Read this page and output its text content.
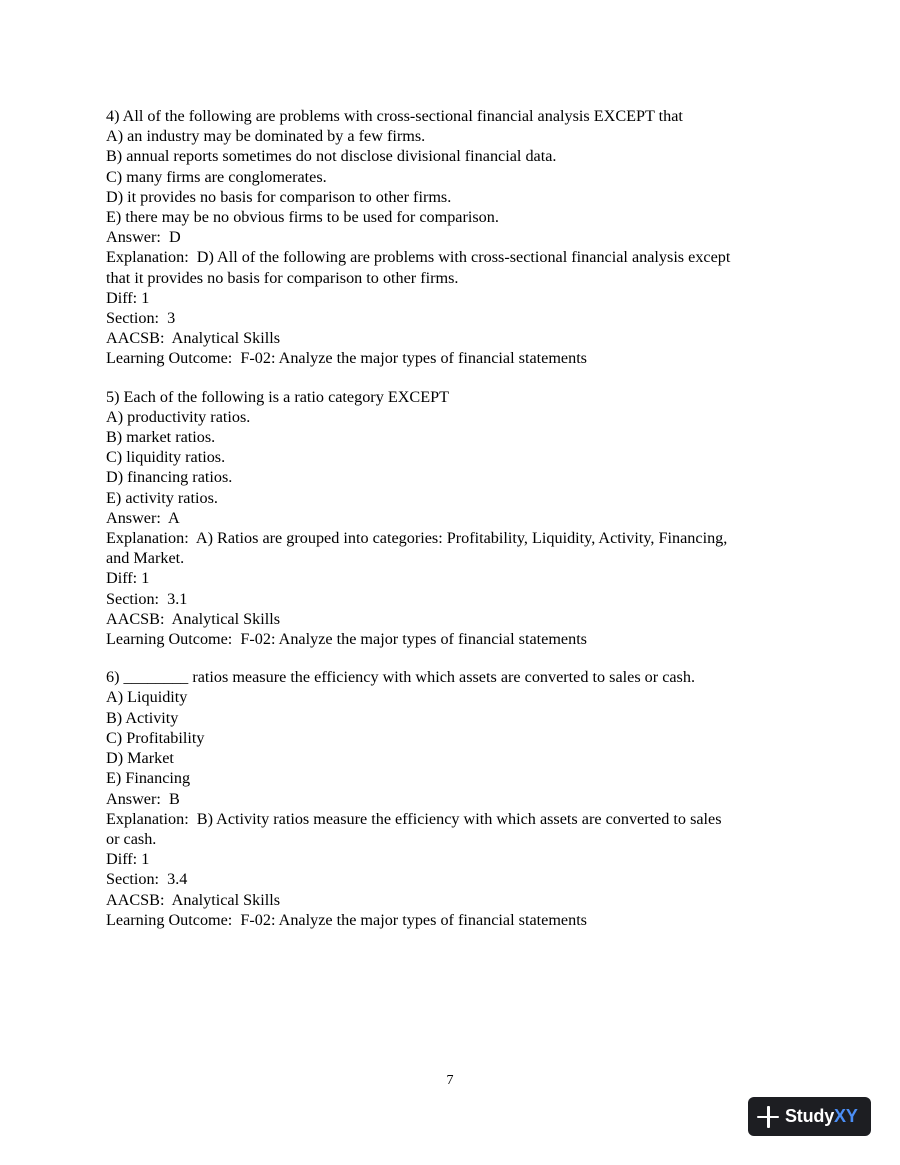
4) All of the following are problems with cross-sectional financial analysis EXCEPT that
A) an industry may be dominated by a few firms.
B) annual reports sometimes do not disclose divisional financial data.
C) many firms are conglomerates.
D) it provides no basis for comparison to other firms.
E) there may be no obvious firms to be used for comparison.
Answer:  D
Explanation:  D) All of the following are problems with cross-sectional financial analysis except
that it provides no basis for comparison to other firms.
Diff: 1
Section:  3
AACSB:  Analytical Skills
Learning Outcome:  F-02: Analyze the major types of financial statements
5) Each of the following is a ratio category EXCEPT
A) productivity ratios.
B) market ratios.
C) liquidity ratios.
D) financing ratios.
E) activity ratios.
Answer:  A
Explanation:  A) Ratios are grouped into categories: Profitability, Liquidity, Activity, Financing,
and Market.
Diff: 1
Section:  3.1
AACSB:  Analytical Skills
Learning Outcome:  F-02: Analyze the major types of financial statements
6) ________ ratios measure the efficiency with which assets are converted to sales or cash.
A) Liquidity
B) Activity
C) Profitability
D) Market
E) Financing
Answer:  B
Explanation:  B) Activity ratios measure the efficiency with which assets are converted to sales
or cash.
Diff: 1
Section:  3.4
AACSB:  Analytical Skills
Learning Outcome:  F-02: Analyze the major types of financial statements
7
StudyXY
